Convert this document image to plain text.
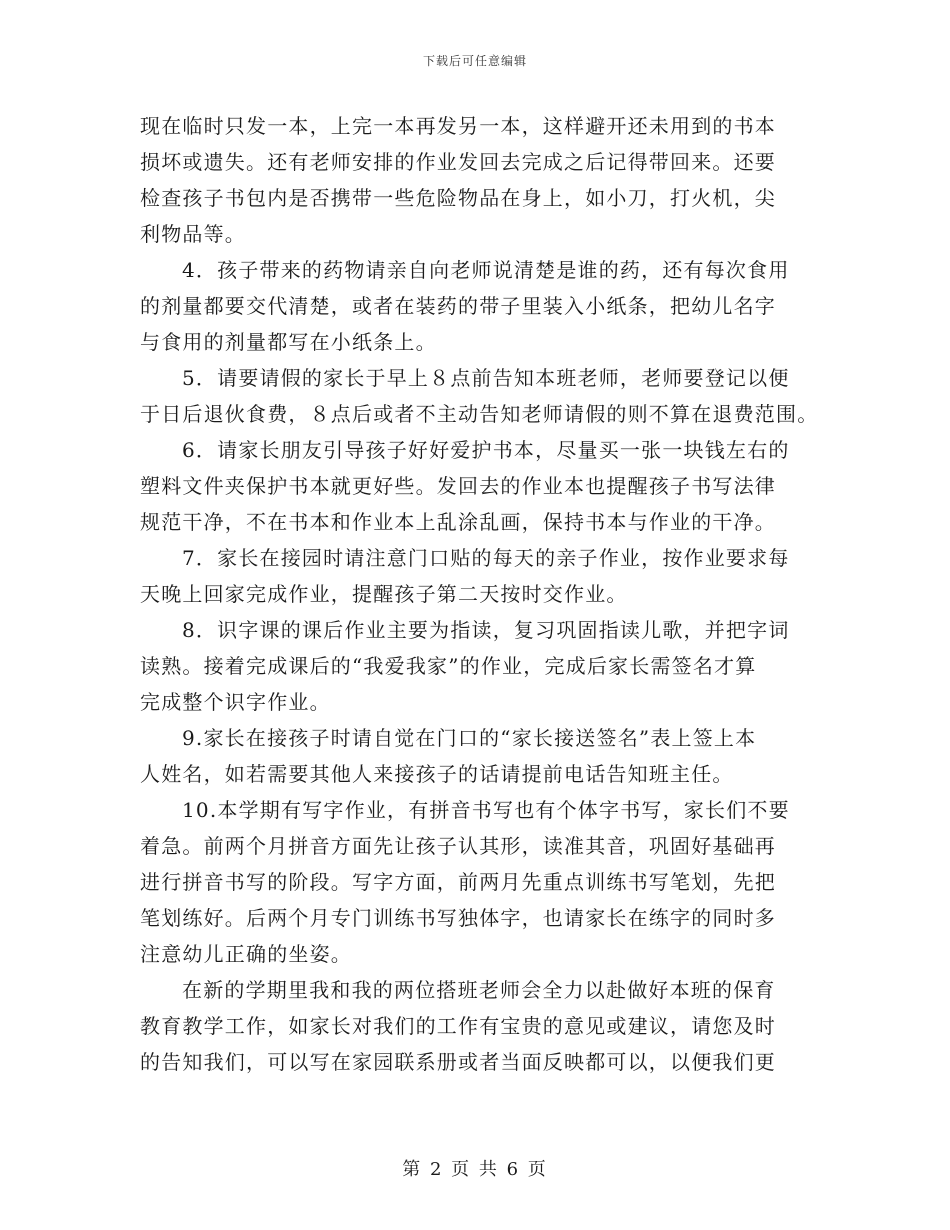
下载后可任意编辑

现在临时只发一本，上完一本再发另一本，这样避开还未用到的书本
损坏或遗失。还有老师安排的作业发回去完成之后记得带回来。还要
检查孩子书包内是否携带一些危险物品在身上，如小刀，打火机，尖
利物品等。

4．孩子带来的药物请亲自向老师说清楚是谁的药，还有每次食用
的剂量都要交代清楚，或者在装药的带子里装入小纸条，把幼儿名字
与食用的剂量都写在小纸条上。

5．请要请假的家长于早上８点前告知本班老师，老师要登记以便
于日后退伙食费，８点后或者不主动告知老师请假的则不算在退费范围。

6．请家长朋友引导孩子好好爱护书本，尽量买一张一块钱左右的
塑料文件夹保护书本就更好些。发回去的作业本也提醒孩子书写法律
规范干净，不在书本和作业本上乱涂乱画，保持书本与作业的干净。

7．家长在接园时请注意门口贴的每天的亲子作业，按作业要求每
天晚上回家完成作业，提醒孩子第二天按时交作业。

8．识字课的课后作业主要为指读，复习巩固指读儿歌，并把字词
读熟。接着完成课后的“我爱我家”的作业，完成后家长需签名才算
完成整个识字作业。

9.家长在接孩子时请自觉在门口的“家长接送签名”表上签上本
人姓名，如若需要其他人来接孩子的话请提前电话告知班主任。

10.本学期有写字作业，有拼音书写也有个体字书写，家长们不要
着急。前两个月拼音方面先让孩子认其形，读准其音，巩固好基础再
进行拼音书写的阶段。写字方面，前两月先重点训练书写笔划，先把
笔划练好。后两个月专门训练书写独体字，也请家长在练字的同时多
注意幼儿正确的坐姿。

在新的学期里我和我的两位搭班老师会全力以赴做好本班的保育
教育教学工作，如家长对我们的工作有宝贵的意见或建议，请您及时
的告知我们，可以写在家园联系册或者当面反映都可以，以便我们更

第 2 页 共 6 页
